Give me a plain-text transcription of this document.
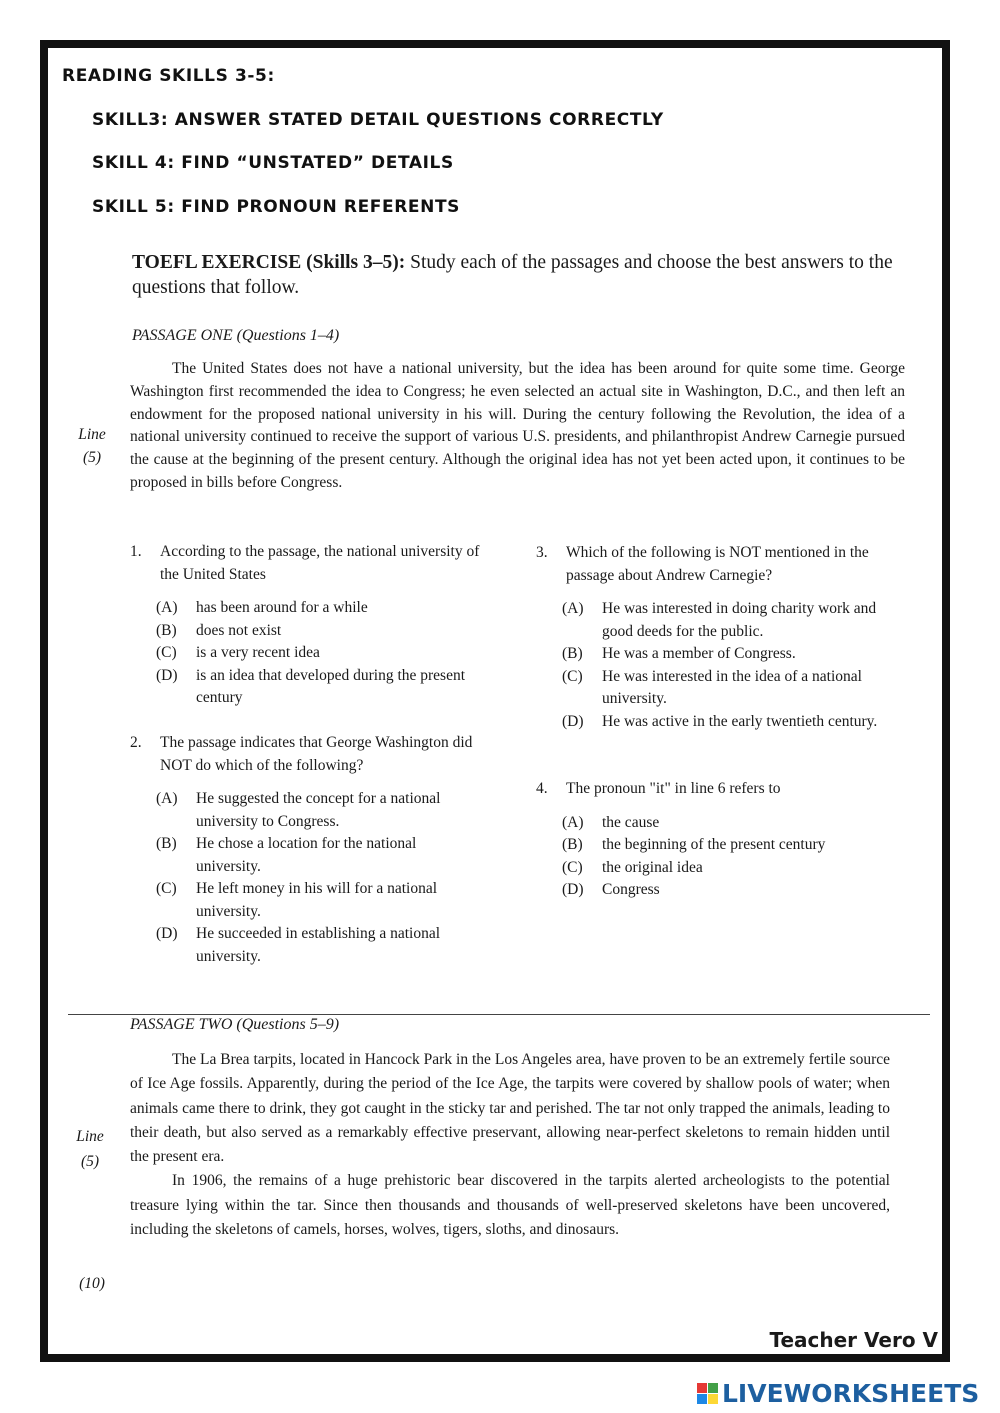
READING SKILLS 3-5:
SKILL3: ANSWER STATED DETAIL QUESTIONS CORRECTLY
SKILL 4: FIND “UNSTATED” DETAILS
SKILL 5: FIND PRONOUN REFERENTS
TOEFL EXERCISE (Skills 3–5): Study each of the passages and choose the best answers to the questions that follow.
PASSAGE ONE (Questions 1–4)

The United States does not have a national university, but the idea has been around for quite some time. George Washington first recommended the idea to Congress; he even selected an actual site in Washington, D.C., and then left an endowment for the proposed national university in his will. During the century following the Revolution, the idea of a national university continued to receive the support of various U.S. presidents, and philanthropist Andrew Carnegie pursued the cause at the beginning of the present century. Although the original idea has not yet been acted upon, it continues to be proposed in bills before Congress.

Line
(5)
1. According to the passage, the national university of the United States
(A) has been around for a while
(B) does not exist
(C) is a very recent idea
(D) is an idea that developed during the present century
2. The passage indicates that George Washington did NOT do which of the following?
(A) He suggested the concept for a national university to Congress.
(B) He chose a location for the national university.
(C) He left money in his will for a national university.
(D) He succeeded in establishing a national university.
3. Which of the following is NOT mentioned in the passage about Andrew Carnegie?
(A) He was interested in doing charity work and good deeds for the public.
(B) He was a member of Congress.
(C) He was interested in the idea of a national university.
(D) He was active in the early twentieth century.
4. The pronoun "it" in line 6 refers to
(A) the cause
(B) the beginning of the present century
(C) the original idea
(D) Congress
PASSAGE TWO (Questions 5–9)

The La Brea tarpits, located in Hancock Park in the Los Angeles area, have proven to be an extremely fertile source of Ice Age fossils. Apparently, during the period of the Ice Age, the tarpits were covered by shallow pools of water; when animals came there to drink, they got caught in the sticky tar and perished. The tar not only trapped the animals, leading to their death, but also served as a remarkably effective preservant, allowing near-perfect skeletons to remain hidden until the present era.

In 1906, the remains of a huge prehistoric bear discovered in the tarpits alerted archeologists to the potential treasure lying within the tar. Since then thousands and thousands of well-preserved skeletons have been uncovered, including the skeletons of camels, horses, wolves, tigers, sloths, and dinosaurs.

Line
(5)
(10)
Teacher Vero V
LIVEWORKSHEETS
